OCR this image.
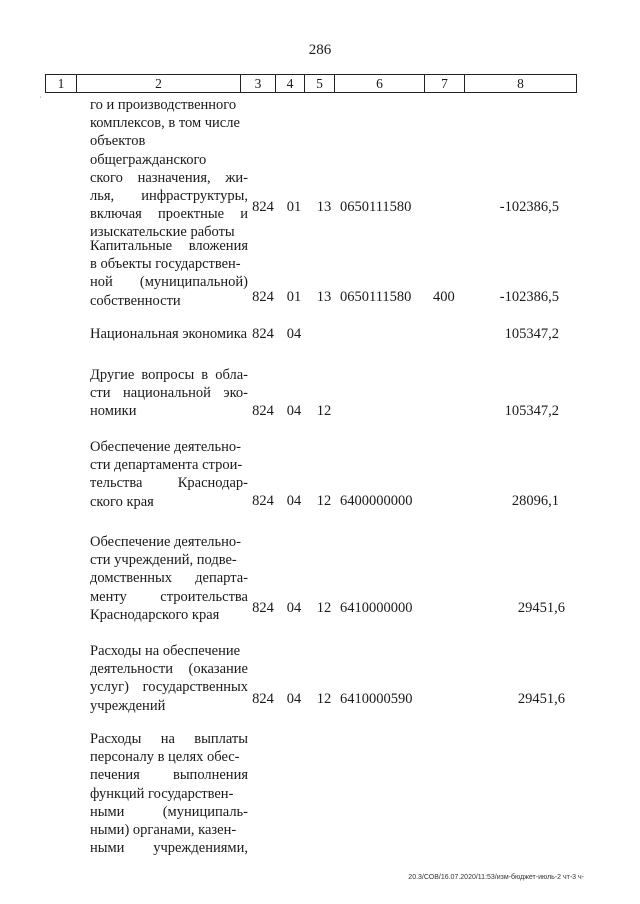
286
1	2	3	4	5	6	7	8
˙	го и производственного
комплексов, в том числе
объектов общегражданского
ского назначения, жи-
лья, инфраструктуры,
включая проектные и
изыскательские работы
824 01 13 0650111580	-102386,5
Капитальные вложения
в объекты государствен-
ной (муниципальной)
собственности	824 01 13 0650111580	400	-102386,5
Национальная экономика 824 04	105347,2
Другие вопросы в обла-
сти национальной эко-
номики	824 04 12	105347,2
Обеспечение деятельно-
сти департамента строи-
тельства Краснодар-
ского края	824 04 12 6400000000	28096,1
Обеспечение деятельно-
сти учреждений, подве-
домственных департа-
менту строительства
Краснодарского края	824 04 12 6410000000	29451,6
Расходы на обеспечение
деятельности (оказание
услуг) государственных
учреждений	824 04 12 6410000590	29451,6
Расходы на выплаты
персоналу в целях обес-
печения выполнения
функций государствен-
ными (муниципаль-
ными) органами, казен-
ными учреждениями,
20.3/СОВ/16.07.2020/11:53/изм-бюджет-июль-2 чт-3 ч-
